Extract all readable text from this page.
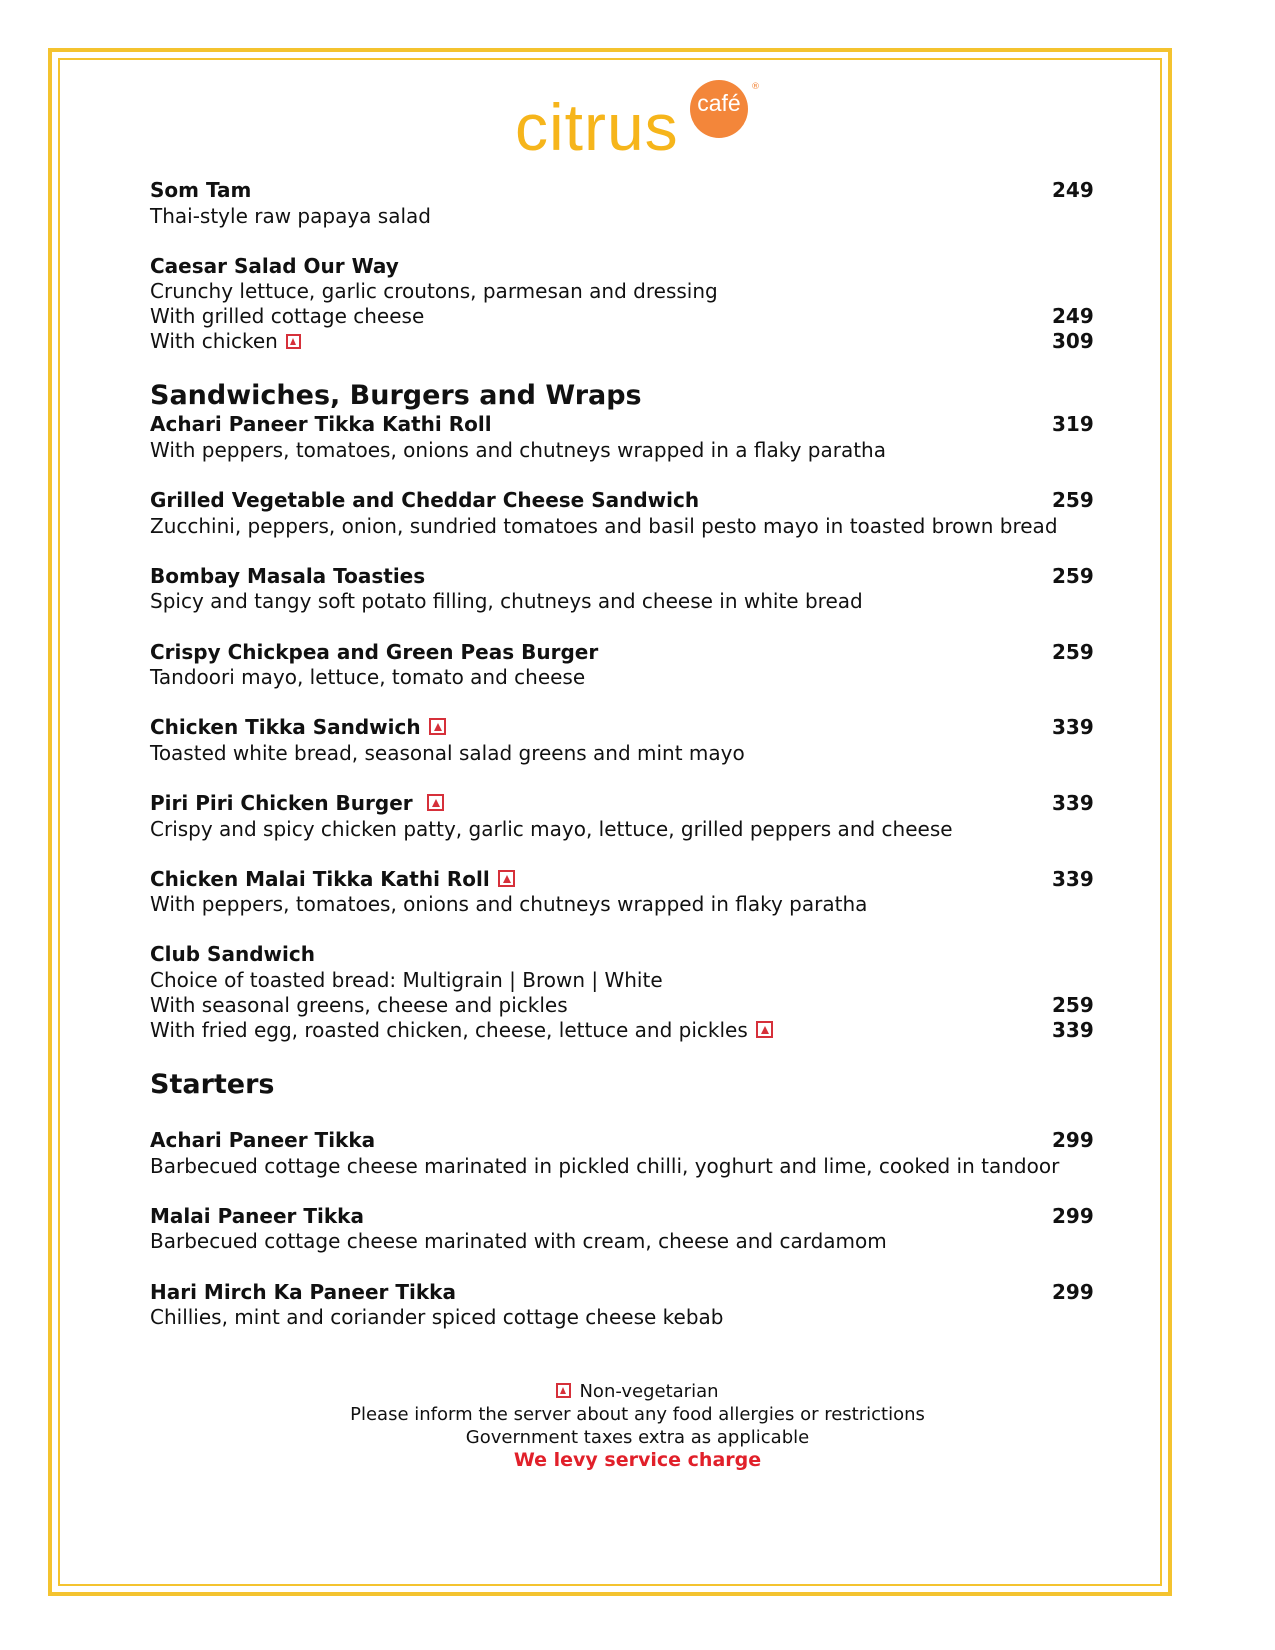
citrus café
®
Som Tam	249
Thai-style raw papaya salad
Caesar Salad Our Way
Crunchy lettuce, garlic croutons, parmesan and dressing
With grilled cottage cheese	249
With chicken	309
Sandwiches, Burgers and Wraps
Achari Paneer Tikka Kathi Roll	319
With peppers, tomatoes, onions and chutneys wrapped in a flaky paratha
Grilled Vegetable and Cheddar Cheese Sandwich	259
Zucchini, peppers, onion, sundried tomatoes and basil pesto mayo in toasted brown bread
Bombay Masala Toasties	259
Spicy and tangy soft potato filling, chutneys and cheese in white bread
Crispy Chickpea and Green Peas Burger	259
Tandoori mayo, lettuce, tomato and cheese
Chicken Tikka Sandwich	339
Toasted white bread, seasonal salad greens and mint mayo
Piri Piri Chicken Burger	339
Crispy and spicy chicken patty, garlic mayo, lettuce, grilled peppers and cheese
Chicken Malai Tikka Kathi Roll	339
With peppers, tomatoes, onions and chutneys wrapped in flaky paratha
Club Sandwich
Choice of toasted bread: Multigrain | Brown | White
With seasonal greens, cheese and pickles	259
With fried egg, roasted chicken, cheese, lettuce and pickles	339
Starters
Achari Paneer Tikka	299
Barbecued cottage cheese marinated in pickled chilli, yoghurt and lime, cooked in tandoor
Malai Paneer Tikka	299
Barbecued cottage cheese marinated with cream, cheese and cardamom
Hari Mirch Ka Paneer Tikka	299
Chillies, mint and coriander spiced cottage cheese kebab
Non-vegetarian
Please inform the server about any food allergies or restrictions
Government taxes extra as applicable
We levy service charge
